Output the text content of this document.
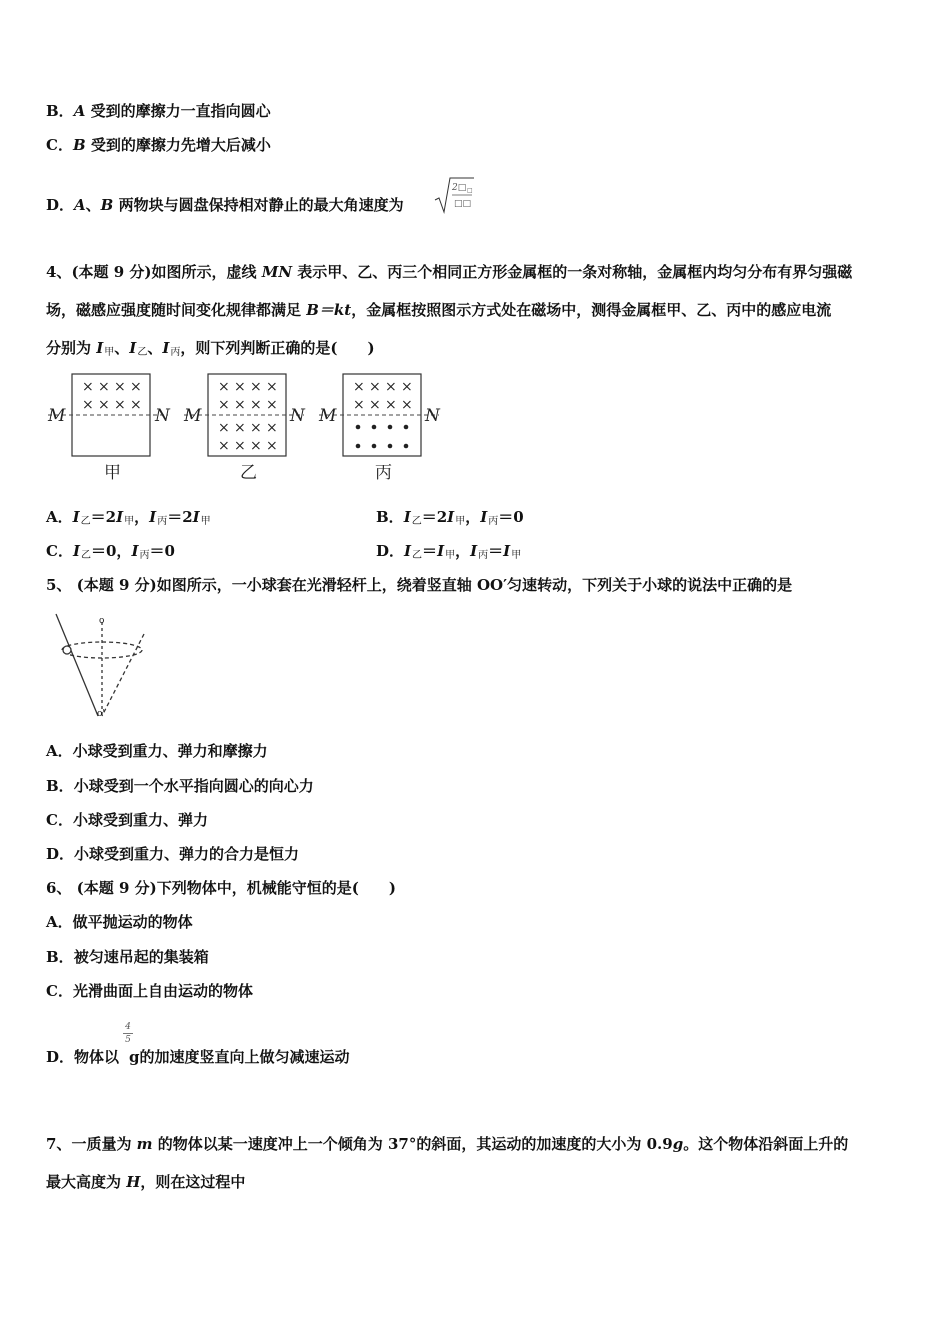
B．A 受到的摩擦力一直指向圆心
C．B 受到的摩擦力先增大后减小
D．A、B 两物块与圆盘保持相对静止的最大角速度为
2□ □
□□
4、(本题 9 分)如图所示，虚线 MN 表示甲、乙、丙三个相同正方形金属框的一条对称轴，金属框内均匀分布有界匀强磁
场，磁感应强度随时间变化规律都满足 B＝kt，金属框按照图示方式处在磁场中，测得金属框甲、乙、丙中的感应电流
分别为 $I_甲$、$I_乙$、$I_丙$，则下列判断正确的是(　　)
M	N
× × × ×
× × × ×
甲
M	N
× × × ×
× × × ×
× × × ×
× × × ×
乙
M	N
× × × ×
× × × ×
丙
A．$I_乙=2I_甲$，$I_丙=2I_甲$	B．$I_乙=2I_甲$，$I_丙=0$
C．$I_乙=0$，$I_丙=0$	D．$I_乙=I_甲$，$I_丙=I_甲$
5、 (本题 9 分)如图所示，一小球套在光滑轻杆上，绕着竖直轴 OO′匀速转动，下列关于小球的说法中正确的是
o
o'
A．小球受到重力、弹力和摩擦力
B．小球受到一个水平指向圆心的向心力
C．小球受到重力、弹力
D．小球受到重力、弹力的合力是恒力
6、 (本题 9 分)下列物体中，机械能守恒的是(　　)
A．做平抛运动的物体
B．被匀速吊起的集装箱
C．光滑曲面上自由运动的物体
4
5
D．物体以 g的加速度竖直向上做匀减速运动
7、一质量为 m 的物体以某一速度冲上一个倾角为 37°的斜面，其运动的加速度的大小为 0.9g。这个物体沿斜面上升的
最大高度为 H，则在这过程中
